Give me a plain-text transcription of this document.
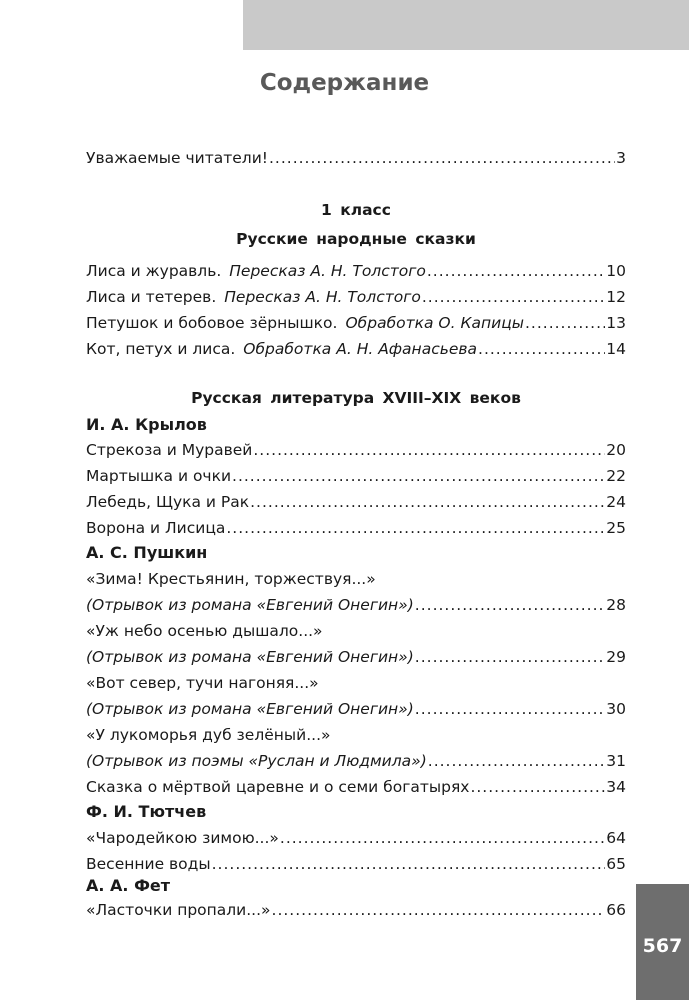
Содержание
Уважаемые читатели! .....	3
1 класс
Русские народные сказки
Лиса и журавль. Пересказ А. Н. Толстого .....	10
Лиса и тетерев. Пересказ А. Н. Толстого .....	12
Петушок и бобовое зёрнышко. Обработка О. Капицы .....	13
Кот, петух и лиса. Обработка А. Н. Афанасьева .....	14
Русская литература XVIII–XIX веков
И. А. Крылов
Стрекоза и Муравей .....	20
Мартышка и очки .....	22
Лебедь, Щука и Рак .....	24
Ворона и Лисица .....	25
А. С. Пушкин
«Зима! Крестьянин, торжествуя...»
(Отрывок из романа «Евгений Онегин») .....	28
«Уж небо осенью дышало...»
(Отрывок из романа «Евгений Онегин») .....	29
«Вот север, тучи нагоняя...»
(Отрывок из романа «Евгений Онегин») .....	30
«У лукоморья дуб зелёный...»
(Отрывок из поэмы «Руслан и Людмила») .....	31
Сказка о мёртвой царевне и о семи богатырях .....	34
Ф. И. Тютчев
«Чародейкою зимою...» .....	64
Весенние воды .....	65
А. А. Фет
«Ласточки пропали...» .....	66
567
